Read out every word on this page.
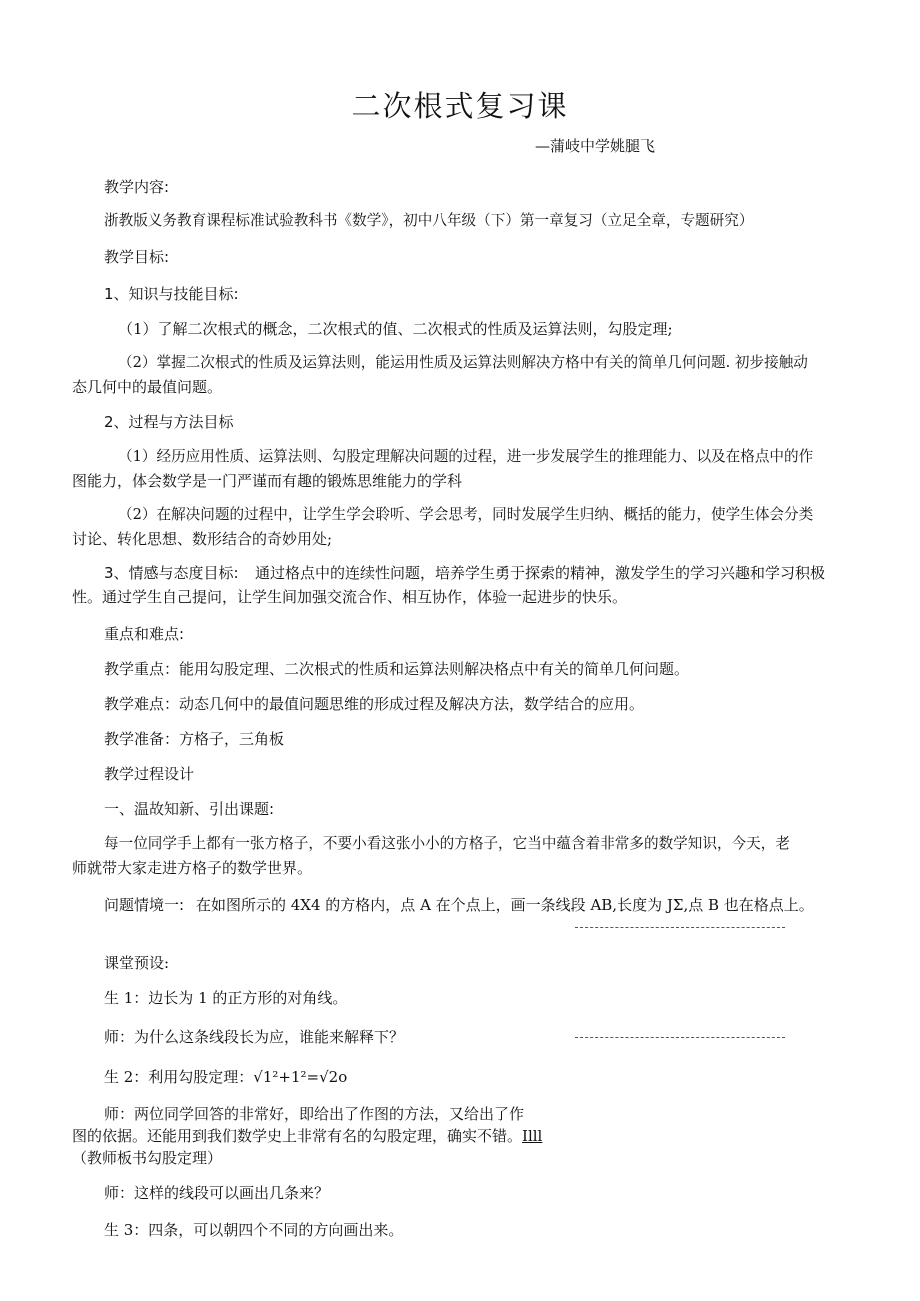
二次根式复习课
—蒲岐中学姚腿飞
教学内容:
浙教版义务教育课程标准试验教科书《数学》，初中八年级（下）第一章复习（立足全章，专题研究）
教学目标:
1、知识与技能目标:
（1）了解二次根式的概念，二次根式的值、二次根式的性质及运算法则，勾股定理;
（2）掌握二次根式的性质及运算法则，能运用性质及运算法则解决方格中有关的简单几何问题. 初步接触动
态几何中的最值问题。
2、过程与方法目标
（1）经历应用性质、运算法则、勾股定理解决问题的过程，进一步发展学生的推理能力、以及在格点中的作
图能力，体会数学是一门严谨而有趣的锻炼思维能力的学科
（2）在解决问题的过程中，让学生学会聆听、学会思考，同时发展学生归纳、概括的能力，使学生体会分类
讨论、转化思想、数形结合的奇妙用处;
3、情感与态度目标: 通过格点中的连续性问题，培养学生勇于探索的精神，激发学生的学习兴趣和学习积极
性。通过学生自己提问，让学生间加强交流合作、相互协作，体验一起进步的快乐。
重点和难点:
教学重点：能用勾股定理、二次根式的性质和运算法则解决格点中有关的简单几何问题。
教学难点：动态几何中的最值问题思维的形成过程及解决方法，数学结合的应用。
教学准备：方格子，三角板
教学过程设计
一、温故知新、引出课题:
每一位同学手上都有一张方格子，不要小看这张小小的方格子，它当中蕴含着非常多的数学知识，今天，老
师就带大家走进方格子的数学世界。
问题情境一: 在如图所示的 4X4 的方格内，点 A 在个点上，画一条线段 AB,长度为 JΣ,点 B 也在格点上。
课堂预设:
生 1：边长为 1 的正方形的对角线。
师：为什么这条线段长为应，谁能来解释下？
生 2：利用勾股定理：√1²+1²=√2o
师：两位同学回答的非常好，即给出了作图的方法，又给出了作
图的依据。还能用到我们数学史上非常有名的勾股定理，确实不错。Illl
（教师板书勾股定理）
师：这样的线段可以画出几条来？
生 3：四条，可以朝四个不同的方向画出来。
